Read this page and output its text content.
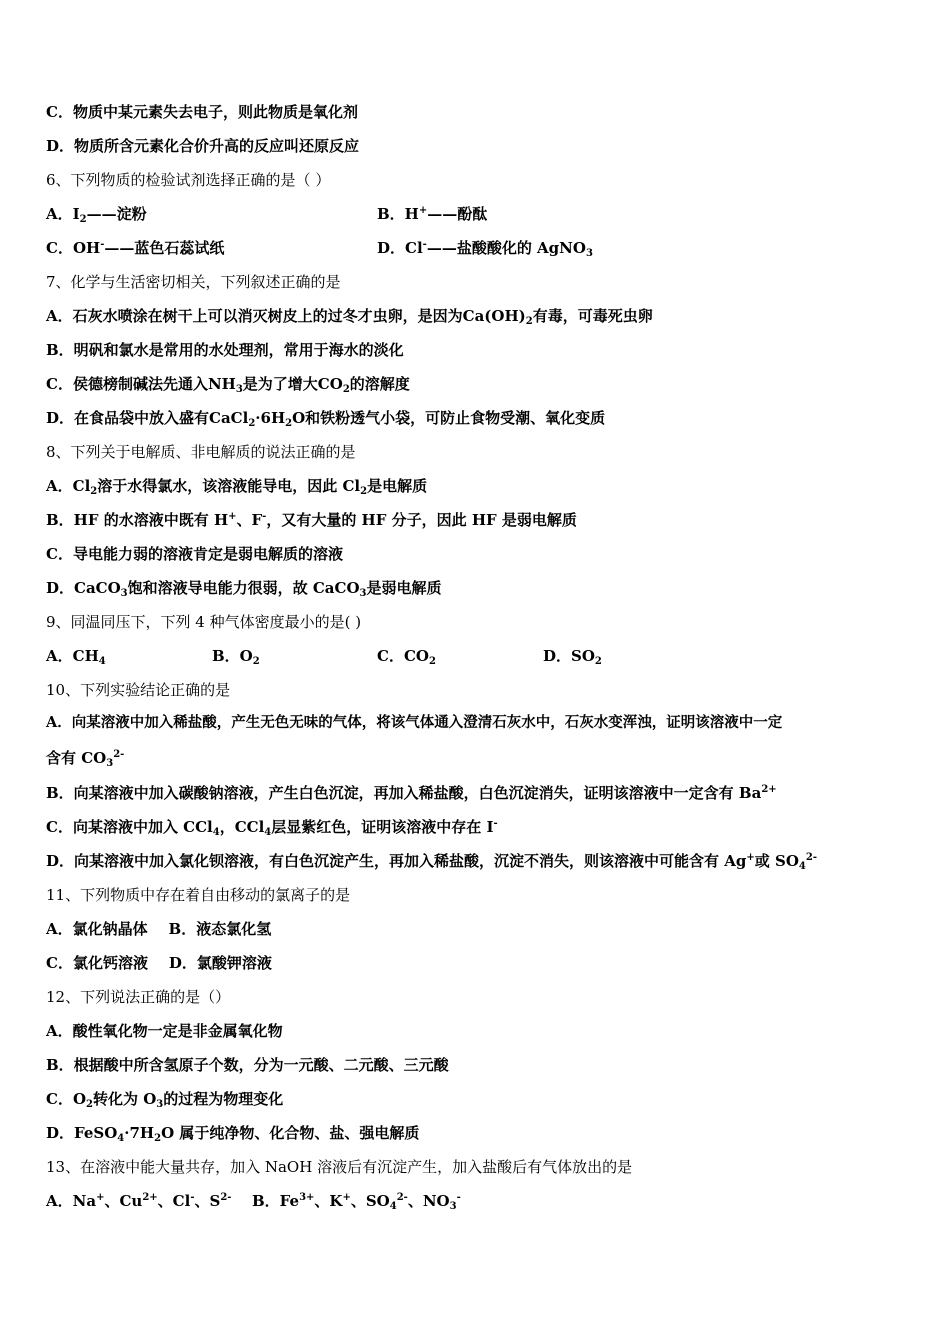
C．物质中某元素失去电子，则此物质是氧化剂
D．物质所含元素化合价升高的反应叫还原反应
6、下列物质的检验试剂选择正确的是（ ）
A．$I_2——$淀粉	B．H+——酚酞
C．OH-——蓝色石蕊试纸	D．Cl-——盐酸酸化的 AgNO$_3$
7、化学与生活密切相关，下列叙述正确的是
A．石灰水喷涂在树干上可以消灭树皮上的过冬才虫卵，是因为$Ca(OH)_2$有毒，可毒死虫卵
B．明矾和氯水是常用的水处理剂，常用于海水的淡化
C．侯德榜制碱法先通入$NH_3$是为了增大$CO_2$的溶解度
D．在食品袋中放入盛有$CaCl_2\cdot 6H_2O$和铁粉透气小袋，可防止食物受潮、氧化变质
8、下列关于电解质、非电解质的说法正确的是
A．$Cl_2$溶于水得氯水，该溶液能导电，因此 $Cl_2$是电解质
B．HF 的水溶液中既有 H+、F-，又有大量的 HF 分子，因此 HF 是弱电解质
C．导电能力弱的溶液肯定是弱电解质的溶液
D．CaCO$_3$饱和溶液导电能力很弱，故 CaCO$_3$是弱电解质
9、同温同压下，下列 4 种气体密度最小的是( )
A．$CH_4$	B．$O_2$	C．$CO_2$	D．$SO_2$
10、下列实验结论正确的是
A．向某溶液中加入稀盐酸，产生无色无味的气体，将该气体通入澄清石灰水中，石灰水变浑浊，证明该溶液中一定
含有 $CO_3^{2-}$
B．向某溶液中加入碳酸钠溶液，产生白色沉淀，再加入稀盐酸，白色沉淀消失，证明该溶液中一定含有 $Ba^{2+}$
C．向某溶液中加入 CCl$_4$，CCl$_4$层显紫红色，证明该溶液中存在 I-
D．向某溶液中加入氯化钡溶液，有白色沉淀产生，再加入稀盐酸，沉淀不消失，则该溶液中可能含有 Ag+或 $SO_4^{2-}$
11、下列物质中存在着自由移动的氯离子的是
A．氯化钠晶体    B．液态氯化氢
C．氯化钙溶液    D．氯酸钾溶液
12、下列说法正确的是（）
A．酸性氧化物一定是非金属氧化物
B．根据酸中所含氢原子个数，分为一元酸、二元酸、三元酸
C．$O_2$转化为 $O_3$的过程为物理变化
D．$FeSO_4\cdot 7H_2O$ 属于纯净物、化合物、盐、强电解质
13、在溶液中能大量共存，加入 NaOH 溶液后有沉淀产生，加入盐酸后有气体放出的是
A．Na+、$Cu^{2+}$、Cl-、$S^{2-}$ B．$Fe^{3+}$、K+、$SO_4^{2-}$、$NO_3^-$
